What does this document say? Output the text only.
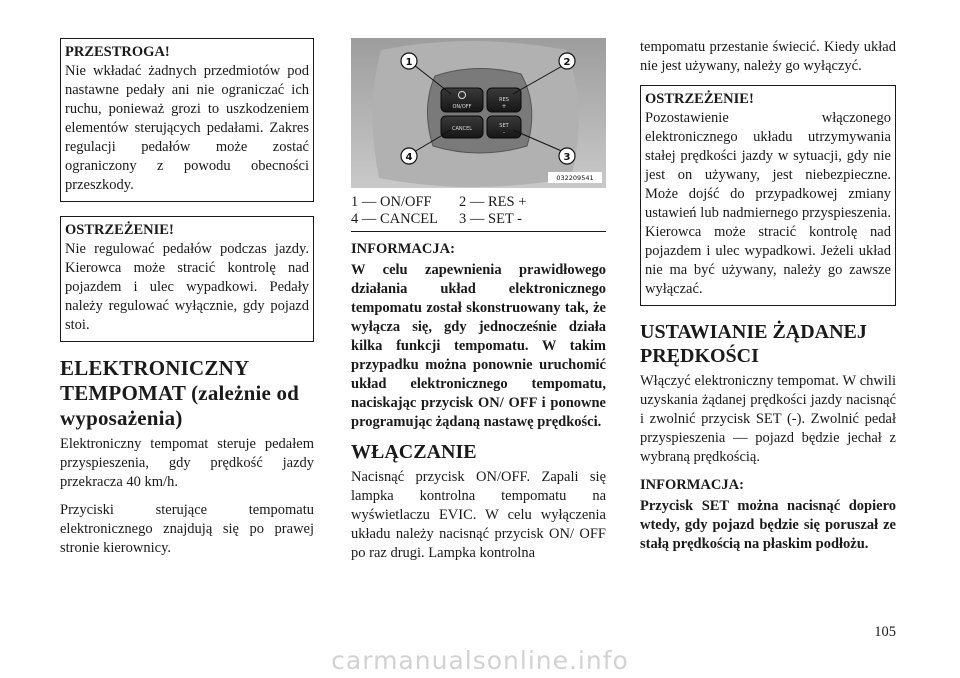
PRZESTROGA!
Nie wkładać żadnych przedmiotów pod nastawne pedały ani nie ograniczać ich ruchu, ponieważ grozi to uszkodzeniem elementów sterujących pedałami. Zakres regulacji pedałów może zostać ograniczony z powodu obecności przeszkody.
OSTRZEŻENIE!
Nie regulować pedałów podczas jazdy. Kierowca może stracić kontrolę nad pojazdem i ulec wypadkowi. Pedały należy regulować wyłącznie, gdy pojazd stoi.
ELEKTRONICZNY
TEMPOMAT (zależnie od
wyposażenia)

Elektroniczny tempomat steruje pedałem przyspieszenia, gdy prędkość jazdy przekracza 40 km/h.

Przyciski sterujące tempomatu elektronicznego znajdują się po prawej stronie kierownicy.

ON/OFF
RES
+
CANCEL	SET
-
1	2
3
4
032209541
1 — ON/OFF	2 — RES +
4 — CANCEL	3 — SET -
INFORMACJA:

W celu zapewnienia prawidłowego działania układ elektronicznego tempomatu został skonstruowany tak, że wyłącza się, gdy jednocześnie działa kilka funkcji tempomatu. W takim przypadku można ponownie uruchomić układ elektronicznego tempomatu, naciskając przycisk ON/ OFF i ponowne programując żądaną nastawę prędkości.

WŁĄCZANIE

Nacisnąć przycisk ON/OFF. Zapali się lampka kontrolna tempomatu na wyświetlaczu EVIC. W celu wyłączenia układu należy nacisnąć przycisk ON/ OFF po raz drugi. Lampka kontrolna

tempomatu przestanie świecić. Kiedy układ nie jest używany, należy go wyłączyć.

OSTRZEŻENIE!
Pozostawienie włączonego elektronicznego układu utrzymywania stałej prędkości jazdy w sytuacji, gdy nie jest on używany, jest niebezpieczne. Może dojść do przypadkowej zmiany ustawień lub nadmiernego przyspieszenia. Kierowca może stracić kontrolę nad pojazdem i ulec wypadkowi. Jeżeli układ nie ma być używany, należy go zawsze wyłączać.
USTAWIANIE ŻĄDANEJ
PRĘDKOŚCI

Włączyć elektroniczny tempomat. W chwili uzyskania żądanej prędkości jazdy nacisnąć i zwolnić przycisk SET (-). Zwolnić pedał przyspieszenia — pojazd będzie jechał z wybraną prędkością.

INFORMACJA:

Przycisk SET można nacisnąć dopiero wtedy, gdy pojazd będzie się poruszał ze stałą prędkością na płaskim podłożu.

105
carmanualsonline.info
